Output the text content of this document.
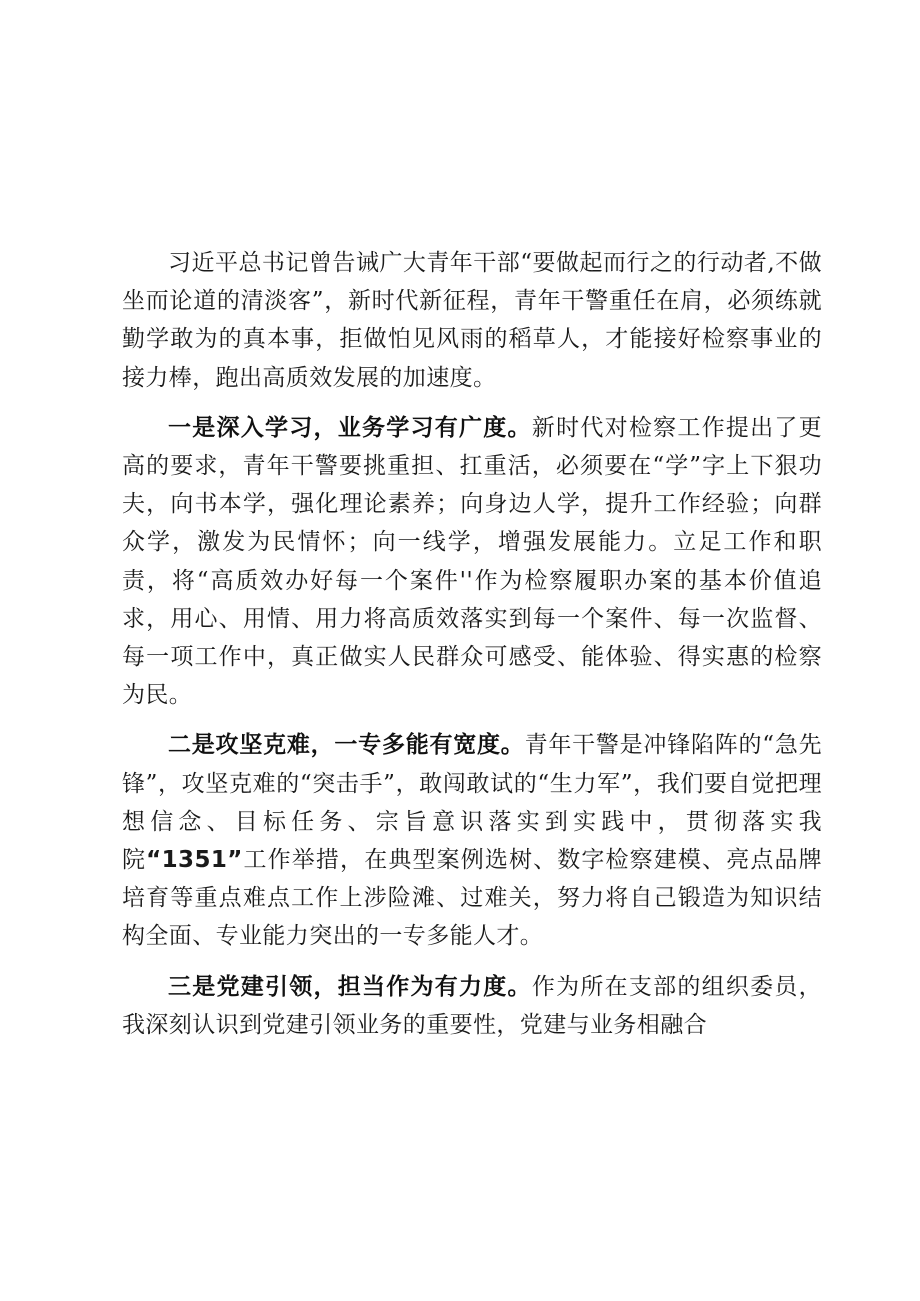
习近平总书记曾告诫广大青年干部“要做起而行之的行动者,不做坐而论道的清淡客”，新时代新征程，青年干警重任在肩，必须练就勤学敢为的真本事，拒做怕见风雨的稻草人，才能接好检察事业的接力棒，跑出高质效发展的加速度。

一是深入学习，业务学习有广度。新时代对检察工作提出了更高的要求，青年干警要挑重担、扛重活，必须要在“学”字上下狠功夫，向书本学，强化理论素养；向身边人学，提升工作经验；向群众学，激发为民情怀；向一线学，增强发展能力。立足工作和职责，将“高质效办好每一个案件''作为检察履职办案的基本价值追求，用心、用情、用力将高质效落实到每一个案件、每一次监督、每一项工作中，真正做实人民群众可感受、能体验、得实惠的检察为民。

二是攻坚克难，一专多能有宽度。青年干警是冲锋陷阵的“急先锋”，攻坚克难的“突击手”，敢闯敢试的“生力军”，我们要自觉把理想信念、目标任务、宗旨意识落实到实践中，贯彻落实我院“1351”工作举措，在典型案例选树、数字检察建模、亮点品牌培育等重点难点工作上涉险滩、过难关，努力将自己锻造为知识结构全面、专业能力突出的一专多能人才。

三是党建引领，担当作为有力度。作为所在支部的组织委员，我深刻认识到党建引领业务的重要性，党建与业务相融合
